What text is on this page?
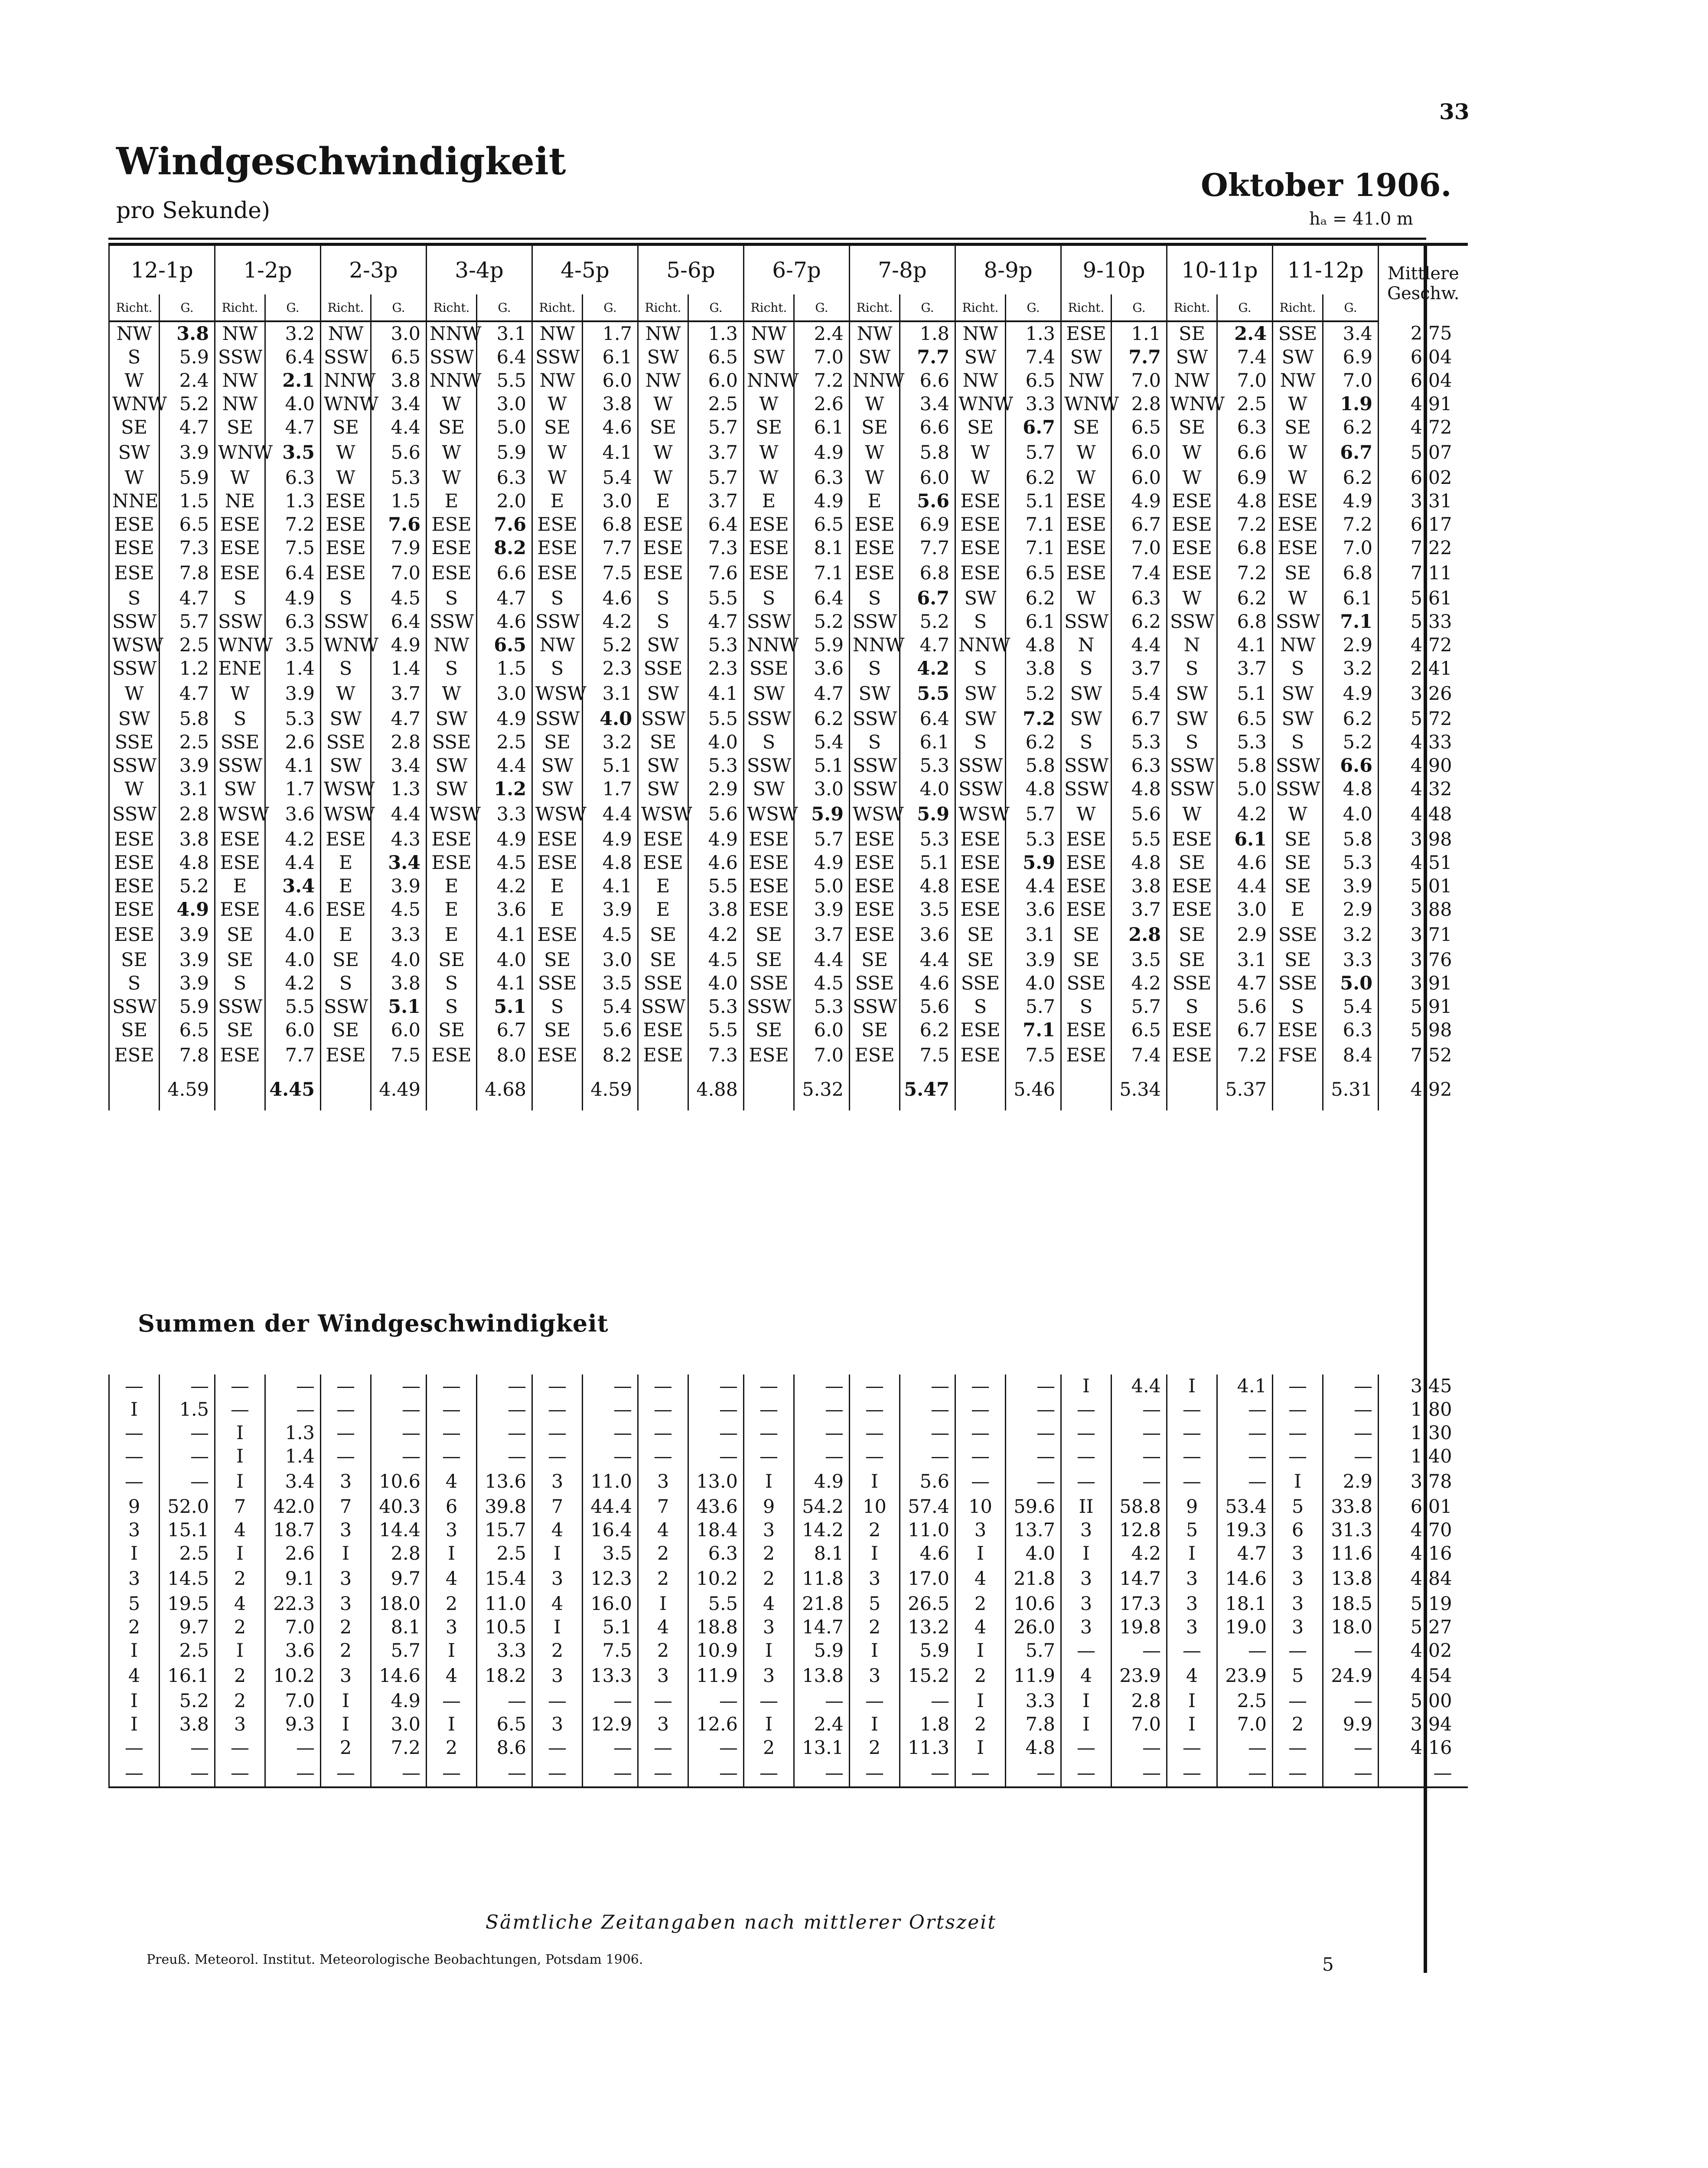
33
Windgeschwindigkeit
pro Sekunde)
Oktober 1906.
hₐ = 41.0 m
12-1p		1-2p		2-3p		3-4p		4-5p		5-6p		6-7p		7-8p		8-9p		9-10p		10-11p		11-12p		Mittlere Geschw.
Richt.	G.	Richt.	G.	Richt.	G.	Richt.	G.	Richt.	G.	Richt.	G.	Richt.	G.	Richt.	G.	Richt.	G.	Richt.	G.	Richt.	G.	Richt.	G.	
NW	3.8	NW	3.2	NW	3.0	NNW	3.1	NW	1.7	NW	1.3	NW	2.4	NW	1.8	NW	1.3	ESE	1.1	SE	2.4	SSE	3.4	2.75
S	5.9	SSW	6.4	SSW	6.5	SSW	6.4	SSW	6.1	SW	6.5	SW	7.0	SW	7.7	SW	7.4	SW	7.7	SW	7.4	SW	6.9	6.04
W	2.4	NW	2.1	NNW	3.8	NNW	5.5	NW	6.0	NW	6.0	NNW	7.2	NNW	6.6	NW	6.5	NW	7.0	NW	7.0	NW	7.0	6.04
WNW	5.2	NW	4.0	WNW	3.4	W	3.0	W	3.8	W	2.5	W	2.6	W	3.4	WNW	3.3	WNW	2.8	WNW	2.5	W	1.9	4.91
SE	4.7	SE	4.7	SE	4.4	SE	5.0	SE	4.6	SE	5.7	SE	6.1	SE	6.6	SE	6.7	SE	6.5	SE	6.3	SE	6.2	4.72
SW	3.9	WNW	3.5	W	5.6	W	5.9	W	4.1	W	3.7	W	4.9	W	5.8	W	5.7	W	6.0	W	6.6	W	6.7	5.07
W	5.9	W	6.3	W	5.3	W	6.3	W	5.4	W	5.7	W	6.3	W	6.0	W	6.2	W	6.0	W	6.9	W	6.2	6.02
NNE	1.5	NE	1.3	ESE	1.5	E	2.0	E	3.0	E	3.7	E	4.9	E	5.6	ESE	5.1	ESE	4.9	ESE	4.8	ESE	4.9	3.31
ESE	6.5	ESE	7.2	ESE	7.6	ESE	7.6	ESE	6.8	ESE	6.4	ESE	6.5	ESE	6.9	ESE	7.1	ESE	6.7	ESE	7.2	ESE	7.2	6.17
ESE	7.3	ESE	7.5	ESE	7.9	ESE	8.2	ESE	7.7	ESE	7.3	ESE	8.1	ESE	7.7	ESE	7.1	ESE	7.0	ESE	6.8	ESE	7.0	7.22
ESE	7.8	ESE	6.4	ESE	7.0	ESE	6.6	ESE	7.5	ESE	7.6	ESE	7.1	ESE	6.8	ESE	6.5	ESE	7.4	ESE	7.2	SE	6.8	7.11
S	4.7	S	4.9	S	4.5	S	4.7	S	4.6	S	5.5	S	6.4	S	6.7	SW	6.2	W	6.3	W	6.2	W	6.1	5.61
SSW	5.7	SSW	6.3	SSW	6.4	SSW	4.6	SSW	4.2	S	4.7	SSW	5.2	SSW	5.2	S	6.1	SSW	6.2	SSW	6.8	SSW	7.1	5.33
WSW	2.5	WNW	3.5	WNW	4.9	NW	6.5	NW	5.2	SW	5.3	NNW	5.9	NNW	4.7	NNW	4.8	N	4.4	N	4.1	NW	2.9	4.72
SSW	1.2	ENE	1.4	S	1.4	S	1.5	S	2.3	SSE	2.3	SSE	3.6	S	4.2	S	3.8	S	3.7	S	3.7	S	3.2	2.41
W	4.7	W	3.9	W	3.7	W	3.0	WSW	3.1	SW	4.1	SW	4.7	SW	5.5	SW	5.2	SW	5.4	SW	5.1	SW	4.9	3.26
SW	5.8	S	5.3	SW	4.7	SW	4.9	SSW	4.0	SSW	5.5	SSW	6.2	SSW	6.4	SW	7.2	SW	6.7	SW	6.5	SW	6.2	5.72
SSE	2.5	SSE	2.6	SSE	2.8	SSE	2.5	SE	3.2	SE	4.0	S	5.4	S	6.1	S	6.2	S	5.3	S	5.3	S	5.2	4.33
SSW	3.9	SSW	4.1	SW	3.4	SW	4.4	SW	5.1	SW	5.3	SSW	5.1	SSW	5.3	SSW	5.8	SSW	6.3	SSW	5.8	SSW	6.6	4.90
W	3.1	SW	1.7	WSW	1.3	SW	1.2	SW	1.7	SW	2.9	SW	3.0	SSW	4.0	SSW	4.8	SSW	4.8	SSW	5.0	SSW	4.8	4.32
SSW	2.8	WSW	3.6	WSW	4.4	WSW	3.3	WSW	4.4	WSW	5.6	WSW	5.9	WSW	5.9	WSW	5.7	W	5.6	W	4.2	W	4.0	4.48
ESE	3.8	ESE	4.2	ESE	4.3	ESE	4.9	ESE	4.9	ESE	4.9	ESE	5.7	ESE	5.3	ESE	5.3	ESE	5.5	ESE	6.1	SE	5.8	3.98
ESE	4.8	ESE	4.4	E	3.4	ESE	4.5	ESE	4.8	ESE	4.6	ESE	4.9	ESE	5.1	ESE	5.9	ESE	4.8	SE	4.6	SE	5.3	4.51
ESE	5.2	E	3.4	E	3.9	E	4.2	E	4.1	E	5.5	ESE	5.0	ESE	4.8	ESE	4.4	ESE	3.8	ESE	4.4	SE	3.9	5.01
ESE	4.9	ESE	4.6	ESE	4.5	E	3.6	E	3.9	E	3.8	ESE	3.9	ESE	3.5	ESE	3.6	ESE	3.7	ESE	3.0	E	2.9	3.88
ESE	3.9	SE	4.0	E	3.3	E	4.1	ESE	4.5	SE	4.2	SE	3.7	ESE	3.6	SE	3.1	SE	2.8	SE	2.9	SSE	3.2	3.71
SE	3.9	SE	4.0	SE	4.0	SE	4.0	SE	3.0	SE	4.5	SE	4.4	SE	4.4	SE	3.9	SE	3.5	SE	3.1	SE	3.3	3.76
S	3.9	S	4.2	S	3.8	S	4.1	SSE	3.5	SSE	4.0	SSE	4.5	SSE	4.6	SSE	4.0	SSE	4.2	SSE	4.7	SSE	5.0	3.91
SSW	5.9	SSW	5.5	SSW	5.1	S	5.1	S	5.4	SSW	5.3	SSW	5.3	SSW	5.6	S	5.7	S	5.7	S	5.6	S	5.4	5.91
SE	6.5	SE	6.0	SE	6.0	SE	6.7	SE	5.6	ESE	5.5	SE	6.0	SE	6.2	ESE	7.1	ESE	6.5	ESE	6.7	ESE	6.3	5.98
ESE	7.8	ESE	7.7	ESE	7.5	ESE	8.0	ESE	8.2	ESE	7.3	ESE	7.0	ESE	7.5	ESE	7.5	ESE	7.4	ESE	7.2	FSE	8.4	7.52
	4.59		4.45		4.49		4.68		4.59		4.88		5.32		5.47		5.46		5.34		5.37		5.31	4.92
Summen der Windgeschwindigkeit
—	—	—	—	—	—	—	—	—	—	—	—	—	—	—	—	—	—	I	4.4	I	4.1	—	—	3.45
I	1.5	—	—	—	—	—	—	—	—	—	—	—	—	—	—	—	—	—	—	—	—	—	—	1.80
—	—	I	1.3	—	—	—	—	—	—	—	—	—	—	—	—	—	—	—	—	—	—	—	—	1.30
—	—	I	1.4	—	—	—	—	—	—	—	—	—	—	—	—	—	—	—	—	—	—	—	—	1.40
—	—	I	3.4	3	10.6	4	13.6	3	11.0	3	13.0	I	4.9	I	5.6	—	—	—	—	—	—	I	2.9	3.78
9	52.0	7	42.0	7	40.3	6	39.8	7	44.4	7	43.6	9	54.2	10	57.4	10	59.6	II	58.8	9	53.4	5	33.8	6.01
3	15.1	4	18.7	3	14.4	3	15.7	4	16.4	4	18.4	3	14.2	2	11.0	3	13.7	3	12.8	5	19.3	6	31.3	4.70
I	2.5	I	2.6	I	2.8	I	2.5	I	3.5	2	6.3	2	8.1	I	4.6	I	4.0	I	4.2	I	4.7	3	11.6	4.16
3	14.5	2	9.1	3	9.7	4	15.4	3	12.3	2	10.2	2	11.8	3	17.0	4	21.8	3	14.7	3	14.6	3	13.8	4.84
5	19.5	4	22.3	3	18.0	2	11.0	4	16.0	I	5.5	4	21.8	5	26.5	2	10.6	3	17.3	3	18.1	3	18.5	5.19
2	9.7	2	7.0	2	8.1	3	10.5	I	5.1	4	18.8	3	14.7	2	13.2	4	26.0	3	19.8	3	19.0	3	18.0	5.27
I	2.5	I	3.6	2	5.7	I	3.3	2	7.5	2	10.9	I	5.9	I	5.9	I	5.7	—	—	—	—	—	—	4.02
4	16.1	2	10.2	3	14.6	4	18.2	3	13.3	3	11.9	3	13.8	3	15.2	2	11.9	4	23.9	4	23.9	5	24.9	4.54
I	5.2	2	7.0	I	4.9	—	—	—	—	—	—	—	—	—	—	I	3.3	I	2.8	I	2.5	—	—	5.00
I	3.8	3	9.3	I	3.0	I	6.5	3	12.9	3	12.6	I	2.4	I	1.8	2	7.8	I	7.0	I	7.0	2	9.9	3.94
—	—	—	—	2	7.2	2	8.6	—	—	—	—	2	13.1	2	11.3	I	4.8	—	—	—	—	—	—	4.16
—	—	—	—	—	—	—	—	—	—	—	—	—	—	—	—	—	—	—	—	—	—	—	—	—
Sämtliche Zeitangaben nach mittlerer Ortszeit
Preuß. Meteorol. Institut. Meteorologische Beobachtungen, Potsdam 1906.	5
